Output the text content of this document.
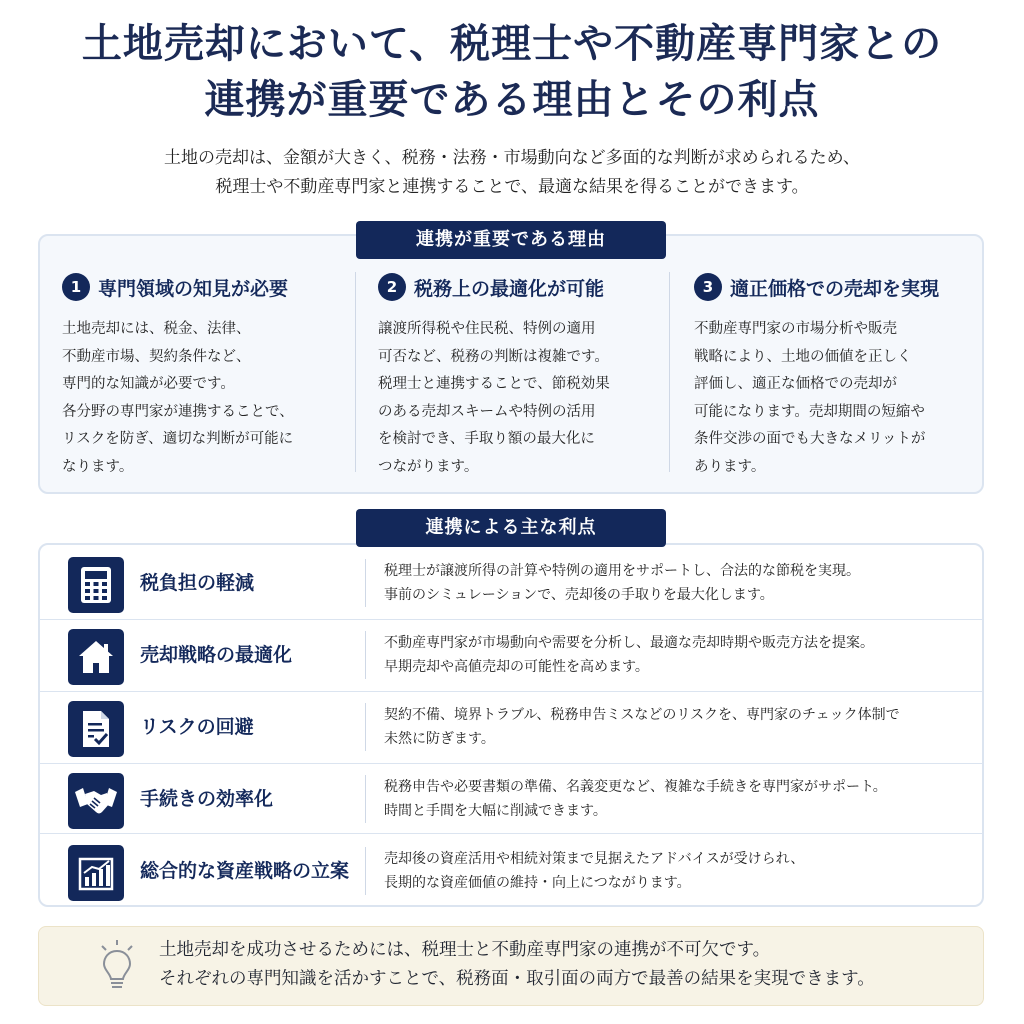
土地売却において、税理士や不動産専門家との
連携が重要である理由とその利点
土地の売却は、金額が大きく、税務・法務・市場動向など多面的な判断が求められるため、
税理士や不動産専門家と連携することで、最適な結果を得ることができます。
連携が重要である理由
1 専門領域の知見が必要
土地売却には、税金、法律、
不動産市場、契約条件など、
専門的な知識が必要です。
各分野の専門家が連携することで、
リスクを防ぎ、適切な判断が可能に
なります。
2 税務上の最適化が可能
譲渡所得税や住民税、特例の適用
可否など、税務の判断は複雑です。
税理士と連携することで、節税効果
のある売却スキームや特例の活用
を検討でき、手取り額の最大化に
つながります。
3 適正価格での売却を実現
不動産専門家の市場分析や販売
戦略により、土地の価値を正しく
評価し、適正な価格での売却が
可能になります。売却期間の短縮や
条件交渉の面でも大きなメリットが
あります。
連携による主な利点
税負担の軽減
税理士が譲渡所得の計算や特例の適用をサポートし、合法的な節税を実現。
事前のシミュレーションで、売却後の手取りを最大化します。
売却戦略の最適化
不動産専門家が市場動向や需要を分析し、最適な売却時期や販売方法を提案。
早期売却や高値売却の可能性を高めます。
リスクの回避
契約不備、境界トラブル、税務申告ミスなどのリスクを、専門家のチェック体制で
未然に防ぎます。
手続きの効率化
税務申告や必要書類の準備、名義変更など、複雑な手続きを専門家がサポート。
時間と手間を大幅に削減できます。
総合的な資産戦略の立案
売却後の資産活用や相続対策まで見据えたアドバイスが受けられ、
長期的な資産価値の維持・向上につながります。
土地売却を成功させるためには、税理士と不動産専門家の連携が不可欠です。
それぞれの専門知識を活かすことで、税務面・取引面の両方で最善の結果を実現できます。
